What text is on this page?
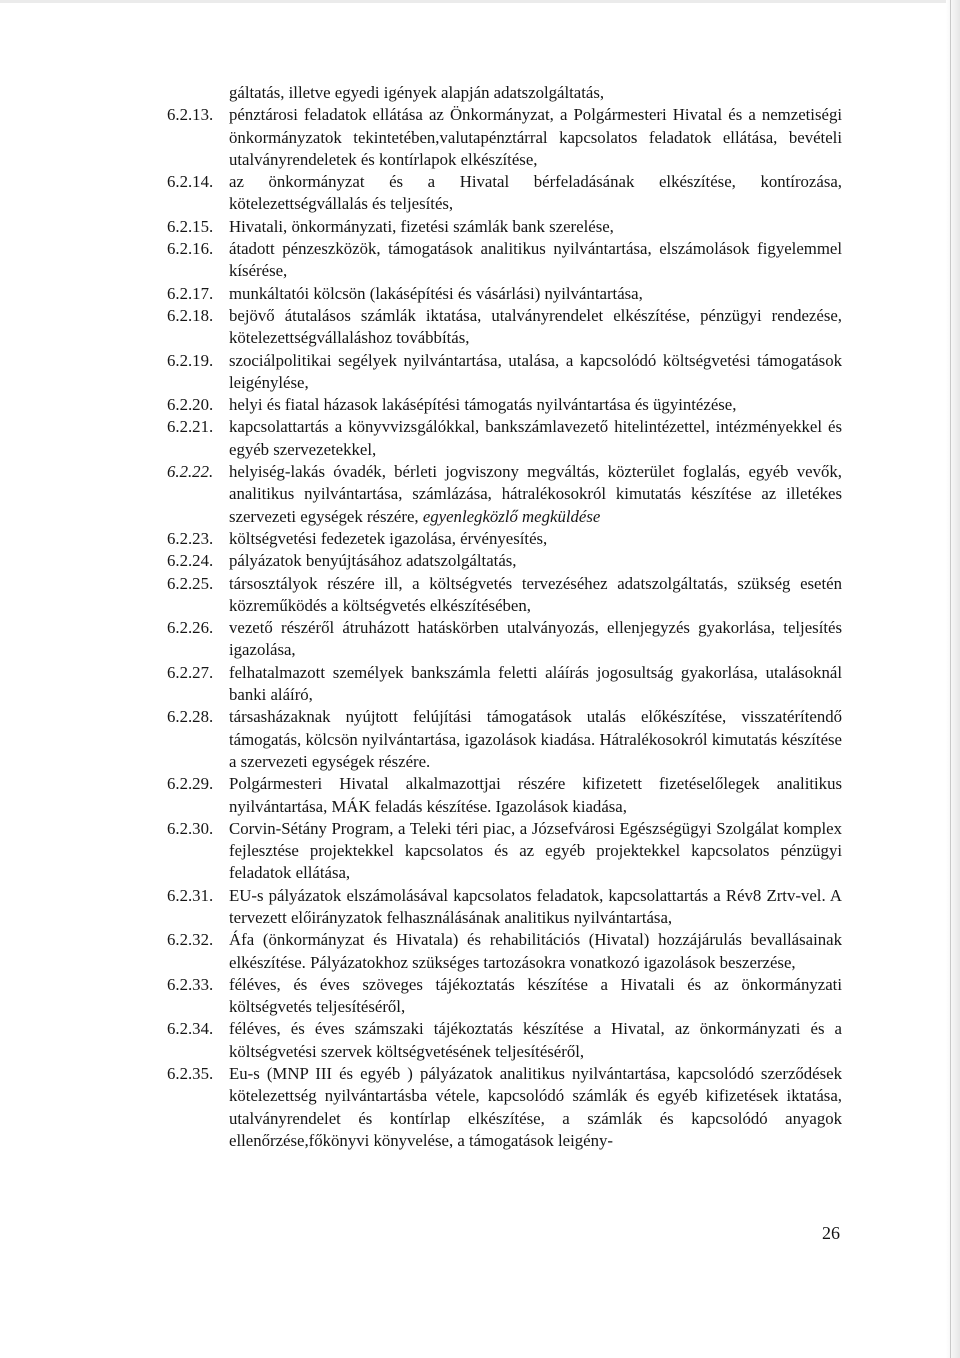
gáltatás, illetve egyedi igények alapján adatszolgáltatás,
6.2.13. pénztárosi feladatok ellátása az Önkormányzat, a Polgármesteri Hivatal és a nemzetiségi önkormányzatok tekintetében,valutapénztárral kapcsolatos feladatok ellátása, bevételi utalványrendeletek és kontírlapok elkészítése,
6.2.14. az önkormányzat és a Hivatal bérfeladásának elkészítése, kontírozása, kötelezettségvállalás és teljesítés,
6.2.15. Hivatali, önkormányzati, fizetési számlák bank szerelése,
6.2.16. átadott pénzeszközök, támogatások analitikus nyilvántartása, elszámolások figyelemmel kísérése,
6.2.17. munkáltatói kölcsön (lakásépítési és vásárlási) nyilvántartása,
6.2.18. bejövő átutalásos számlák iktatása, utalványrendelet elkészítése, pénzügyi rendezése, kötelezettségvállaláshoz továbbítás,
6.2.19. szociálpolitikai segélyek nyilvántartása, utalása, a kapcsolódó költségvetési támogatások leigénylése,
6.2.20. helyi és fiatal házasok lakásépítési támogatás nyilvántartása és ügyintézése,
6.2.21. kapcsolattartás a könyvvizsgálókkal, bankszámlavezető hitelintézettel, intézményekkel és egyéb szervezetekkel,
6.2.22. helyiség-lakás óvadék, bérleti jogviszony megváltás, közterület foglalás, egyéb vevők, analitikus nyilvántartása, számlázása, hátralékosokról kimutatás készítése az illetékes szervezeti egységek részére, egyenlegközlő megküldése
6.2.23. költségvetési fedezetek igazolása, érvényesítés,
6.2.24. pályázatok benyújtásához adatszolgáltatás,
6.2.25. társosztályok részére ill, a költségvetés tervezéséhez adatszolgáltatás, szükség esetén közreműködés a költségvetés elkészítésében,
6.2.26. vezető részéről átruházott hatáskörben utalványozás, ellenjegyzés gyakorlása, teljesítés igazolása,
6.2.27. felhatalmazott személyek bankszámla feletti aláírás jogosultság gyakorlása, utalásoknál banki aláíró,
6.2.28. társasházaknak nyújtott felújítási támogatások utalás előkészítése, visszatérítendő támogatás, kölcsön nyilvántartása, igazolások kiadása. Hátralékosokról kimutatás készítése a szervezeti egységek részére.
6.2.29. Polgármesteri Hivatal alkalmazottjai részére kifizetett fizetéselőlegek analitikus nyilvántartása, MÁK feladás készítése. Igazolások kiadása,
6.2.30. Corvin-Sétány Program, a Teleki téri piac, a Józsefvárosi Egészségügyi Szolgálat komplex fejlesztése projektekkel kapcsolatos és az egyéb projektekkel kapcsolatos pénzügyi feladatok ellátása,
6.2.31. EU-s pályázatok elszámolásával kapcsolatos feladatok, kapcsolattartás a Rév8 Zrtv-vel. A tervezett előirányzatok felhasználásának analitikus nyilvántartása,
6.2.32. Áfa (önkormányzat és Hivatala) és rehabilitációs (Hivatal) hozzájárulás bevallásainak elkészítése. Pályázatokhoz szükséges tartozásokra vonatkozó igazolások beszerzése,
6.2.33. féléves, és éves szöveges tájékoztatás készítése a Hivatali és az önkormányzati költségvetés teljesítéséről,
6.2.34. féléves, és éves számszaki tájékoztatás készítése a Hivatal, az önkormányzati és a költségvetési szervek költségvetésének teljesítéséről,
6.2.35. Eu-s (MNP III és egyéb ) pályázatok analitikus nyilvántartása, kapcsolódó szerződések kötelezettség nyilvántartásba vétele, kapcsolódó számlák és egyéb kifizetések iktatása, utalványrendelet és kontírlap elkészítése, a számlák és kapcsolódó anyagok ellenőrzése,főkönyvi könyvelése, a támogatások leigény-
26
